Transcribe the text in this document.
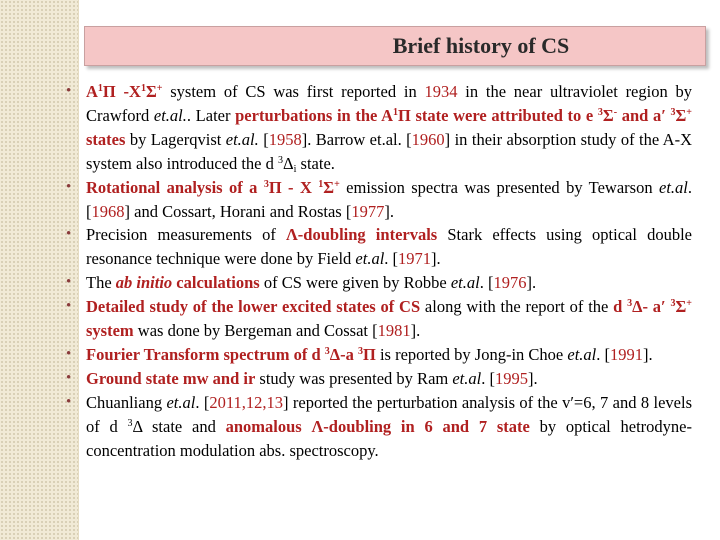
Brief history of CS
• $A^1\Pi$ $-X^1\Sigma^+$ system of CS was first reported in 1934 in the near ultraviolet region by Crawford et.al.. Later perturbations in the $A^1\Pi$ state were attributed to e $^3$Σ- and a′ $^3$Σ+ states by Lagerqvist et.al. [1958]. Barrow et.al. [1960] in their absorption study of the A-X system also introduced the d $^3\Delta_i$ state.
• Rotational analysis of a $^3$Π - X $^1$Σ+ emission spectra was presented by Tewarson et.al. [1968] and Cossart, Horani and Rostas [1977].
• Precision measurements of Λ-doubling intervals Stark effects using optical double resonance technique were done by Field et.al. [1971].
• The ab initio calculations of CS were given by Robbe et.al. [1976].
• Detailed study of the lower excited states of CS along with the report of the d $^3$Δ- a′ $^3$Σ+ system was done by Bergeman and Cossat [1981].
• Fourier Transform spectrum of d $^3$Δ-a $^3$Π is reported by Jong-in Choe et.al. [1991].
• Ground state mw and ir study was presented by Ram et.al. [1995].
• Chuanliang et.al. [2011,12,13] reported the perturbation analysis of the v′=6, 7 and 8 levels of d $^3$Δ state and anomalous Λ-doubling in 6 and 7 state by optical hetrodyne-concentration modulation abs. spectroscopy.
